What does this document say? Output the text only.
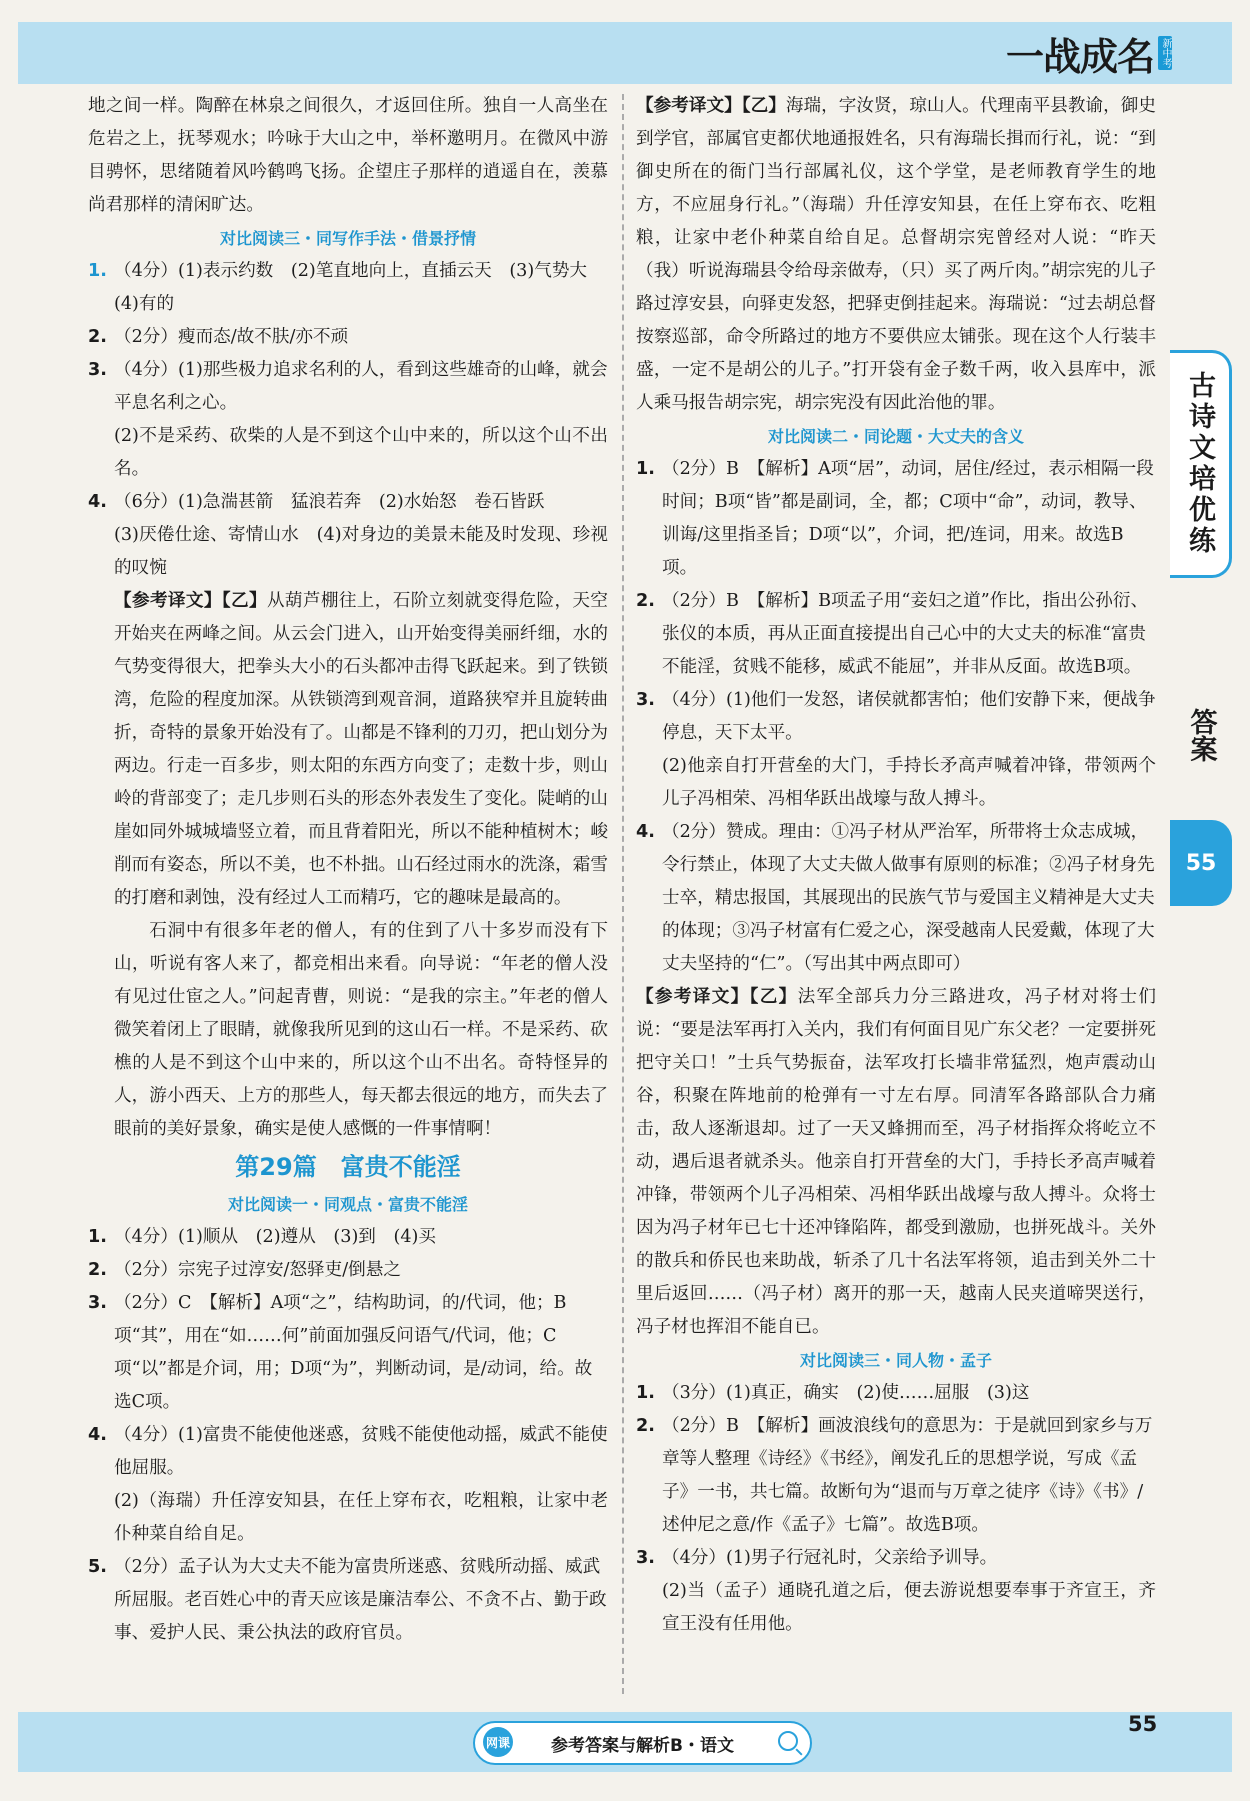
一战成名 新中考
古诗文培优练
答案
55

地之间一样。陶醉在林泉之间很久，才返回住所。独自一人高坐在危岩之上，抚琴观水；吟咏于大山之中，举杯邀明月。在微风中游目骋怀，思绪随着风吟鹤鸣飞扬。企望庄子那样的逍遥自在，羡慕尚君那样的清闲旷达。

对比阅读三・同写作手法・借景抒情

1. （4分）(1)表示约数　(2)笔直地向上，直插云天　(3)气势大　(4)有的
2. （2分）瘦而态/故不肤/亦不顽
3. （4分）(1)那些极力追求名利的人，看到这些雄奇的山峰，就会平息名利之心。

(2)不是采药、砍柴的人是不到这个山中来的，所以这个山不出名。

4. （6分）(1)急湍甚箭　猛浪若奔　(2)水始怒　卷石皆跃

(3)厌倦仕途、寄情山水　(4)对身边的美景未能及时发现、珍视的叹惋

【参考译文】【乙】从葫芦棚往上，石阶立刻就变得危险，天空开始夹在两峰之间。从云会门进入，山开始变得美丽纤细，水的气势变得很大，把拳头大小的石头都冲击得飞跃起来。到了铁锁湾，危险的程度加深。从铁锁湾到观音洞，道路狭窄并且旋转曲折，奇特的景象开始没有了。山都是不锋利的刀刃，把山划分为两边。行走一百多步，则太阳的东西方向变了；走数十步，则山岭的背部变了；走几步则石头的形态外表发生了变化。陡峭的山崖如同外城城墙竖立着，而且背着阳光，所以不能种植树木；峻削而有姿态，所以不美，也不朴拙。山石经过雨水的洗涤，霜雪的打磨和剥蚀，没有经过人工而精巧，它的趣味是最高的。

石洞中有很多年老的僧人，有的住到了八十多岁而没有下山，听说有客人来了，都竞相出来看。向导说：“年老的僧人没有见过仕宦之人。”问起青曹，则说：“是我的宗主。”年老的僧人微笑着闭上了眼睛，就像我所见到的这山石一样。不是采药、砍樵的人是不到这个山中来的，所以这个山不出名。奇特怪异的人，游小西天、上方的那些人，每天都去很远的地方，而失去了眼前的美好景象，确实是使人感慨的一件事情啊！

第29篇　富贵不能淫

对比阅读一・同观点・富贵不能淫

1. （4分）(1)顺从　(2)遵从　(3)到　(4)买
2. （2分）宗宪子过淳安/怒驿吏/倒悬之
3. （2分）C　【解析】A项“之”，结构助词，的/代词，他；B项“其”，用在“如……何”前面加强反问语气/代词，他；C项“以”都是介词，用；D项“为”，判断动词，是/动词，给。故选C项。
4. （4分）(1)富贵不能使他迷惑，贫贱不能使他动摇，威武不能使他屈服。

(2)（海瑞）升任淳安知县，在任上穿布衣，吃粗粮，让家中老仆种菜自给自足。

5. （2分）孟子认为大丈夫不能为富贵所迷惑、贫贱所动摇、威武所屈服。老百姓心中的青天应该是廉洁奉公、不贪不占、勤于政事、爱护人民、秉公执法的政府官员。

【参考译文】【乙】海瑞，字汝贤，琼山人。代理南平县教谕，御史到学官，部属官吏都伏地通报姓名，只有海瑞长揖而行礼，说：“到御史所在的衙门当行部属礼仪，这个学堂，是老师教育学生的地方，不应屈身行礼。”（海瑞）升任淳安知县，在任上穿布衣、吃粗粮，让家中老仆种菜自给自足。总督胡宗宪曾经对人说：“昨天（我）听说海瑞县令给母亲做寿，（只）买了两斤肉。”胡宗宪的儿子路过淳安县，向驿吏发怒，把驿吏倒挂起来。海瑞说：“过去胡总督按察巡部，命令所路过的地方不要供应太铺张。现在这个人行装丰盛，一定不是胡公的儿子。”打开袋有金子数千两，收入县库中，派人乘马报告胡宗宪，胡宗宪没有因此治他的罪。

对比阅读二・同论题・大丈夫的含义

1. （2分）B　【解析】A项“居”，动词，居住/经过，表示相隔一段时间；B项“皆”都是副词，全，都；C项中“命”，动词，教导、训诲/这里指圣旨；D项“以”，介词，把/连词，用来。故选B项。
2. （2分）B　【解析】B项孟子用“妾妇之道”作比，指出公孙衍、张仪的本质，再从正面直接提出自己心中的大丈夫的标准“富贵不能淫，贫贱不能移，威武不能屈”，并非从反面。故选B项。
3. （4分）(1)他们一发怒，诸侯就都害怕；他们安静下来，便战争停息，天下太平。

(2)他亲自打开营垒的大门，手持长矛高声喊着冲锋，带领两个儿子冯相荣、冯相华跃出战壕与敌人搏斗。

4. （2分）赞成。理由：①冯子材从严治军，所带将士众志成城，令行禁止，体现了大丈夫做人做事有原则的标准；②冯子材身先士卒，精忠报国，其展现出的民族气节与爱国主义精神是大丈夫的体现；③冯子材富有仁爱之心，深受越南人民爱戴，体现了大丈夫坚持的“仁”。（写出其中两点即可）

【参考译文】【乙】法军全部兵力分三路进攻，冯子材对将士们说：“要是法军再打入关内，我们有何面目见广东父老？一定要拼死把守关口！”士兵气势振奋，法军攻打长墙非常猛烈，炮声震动山谷，积聚在阵地前的枪弹有一寸左右厚。同清军各路部队合力痛击，敌人逐渐退却。过了一天又蜂拥而至，冯子材指挥众将屹立不动，遇后退者就杀头。他亲自打开营垒的大门，手持长矛高声喊着冲锋，带领两个儿子冯相荣、冯相华跃出战壕与敌人搏斗。众将士因为冯子材年已七十还冲锋陷阵，都受到激励，也拼死战斗。关外的散兵和侨民也来助战，斩杀了几十名法军将领，追击到关外二十里后返回……（冯子材）离开的那一天，越南人民夹道啼哭送行，冯子材也挥泪不能自已。

对比阅读三・同人物・孟子

1. （3分）(1)真正，确实　(2)使……屈服　(3)这
2. （2分）B　【解析】画波浪线句的意思为：于是就回到家乡与万章等人整理《诗经》《书经》，阐发孔丘的思想学说，写成《孟子》一书，共七篇。故断句为“退而与万章之徒序《诗》《书》/述仲尼之意/作《孟子》七篇”。故选B项。
3. （4分）(1)男子行冠礼时，父亲给予训导。

(2)当（孟子）通晓孔道之后，便去游说想要奉事于齐宣王，齐宣王没有任用他。

网课 参考答案与解析B・语文
55
